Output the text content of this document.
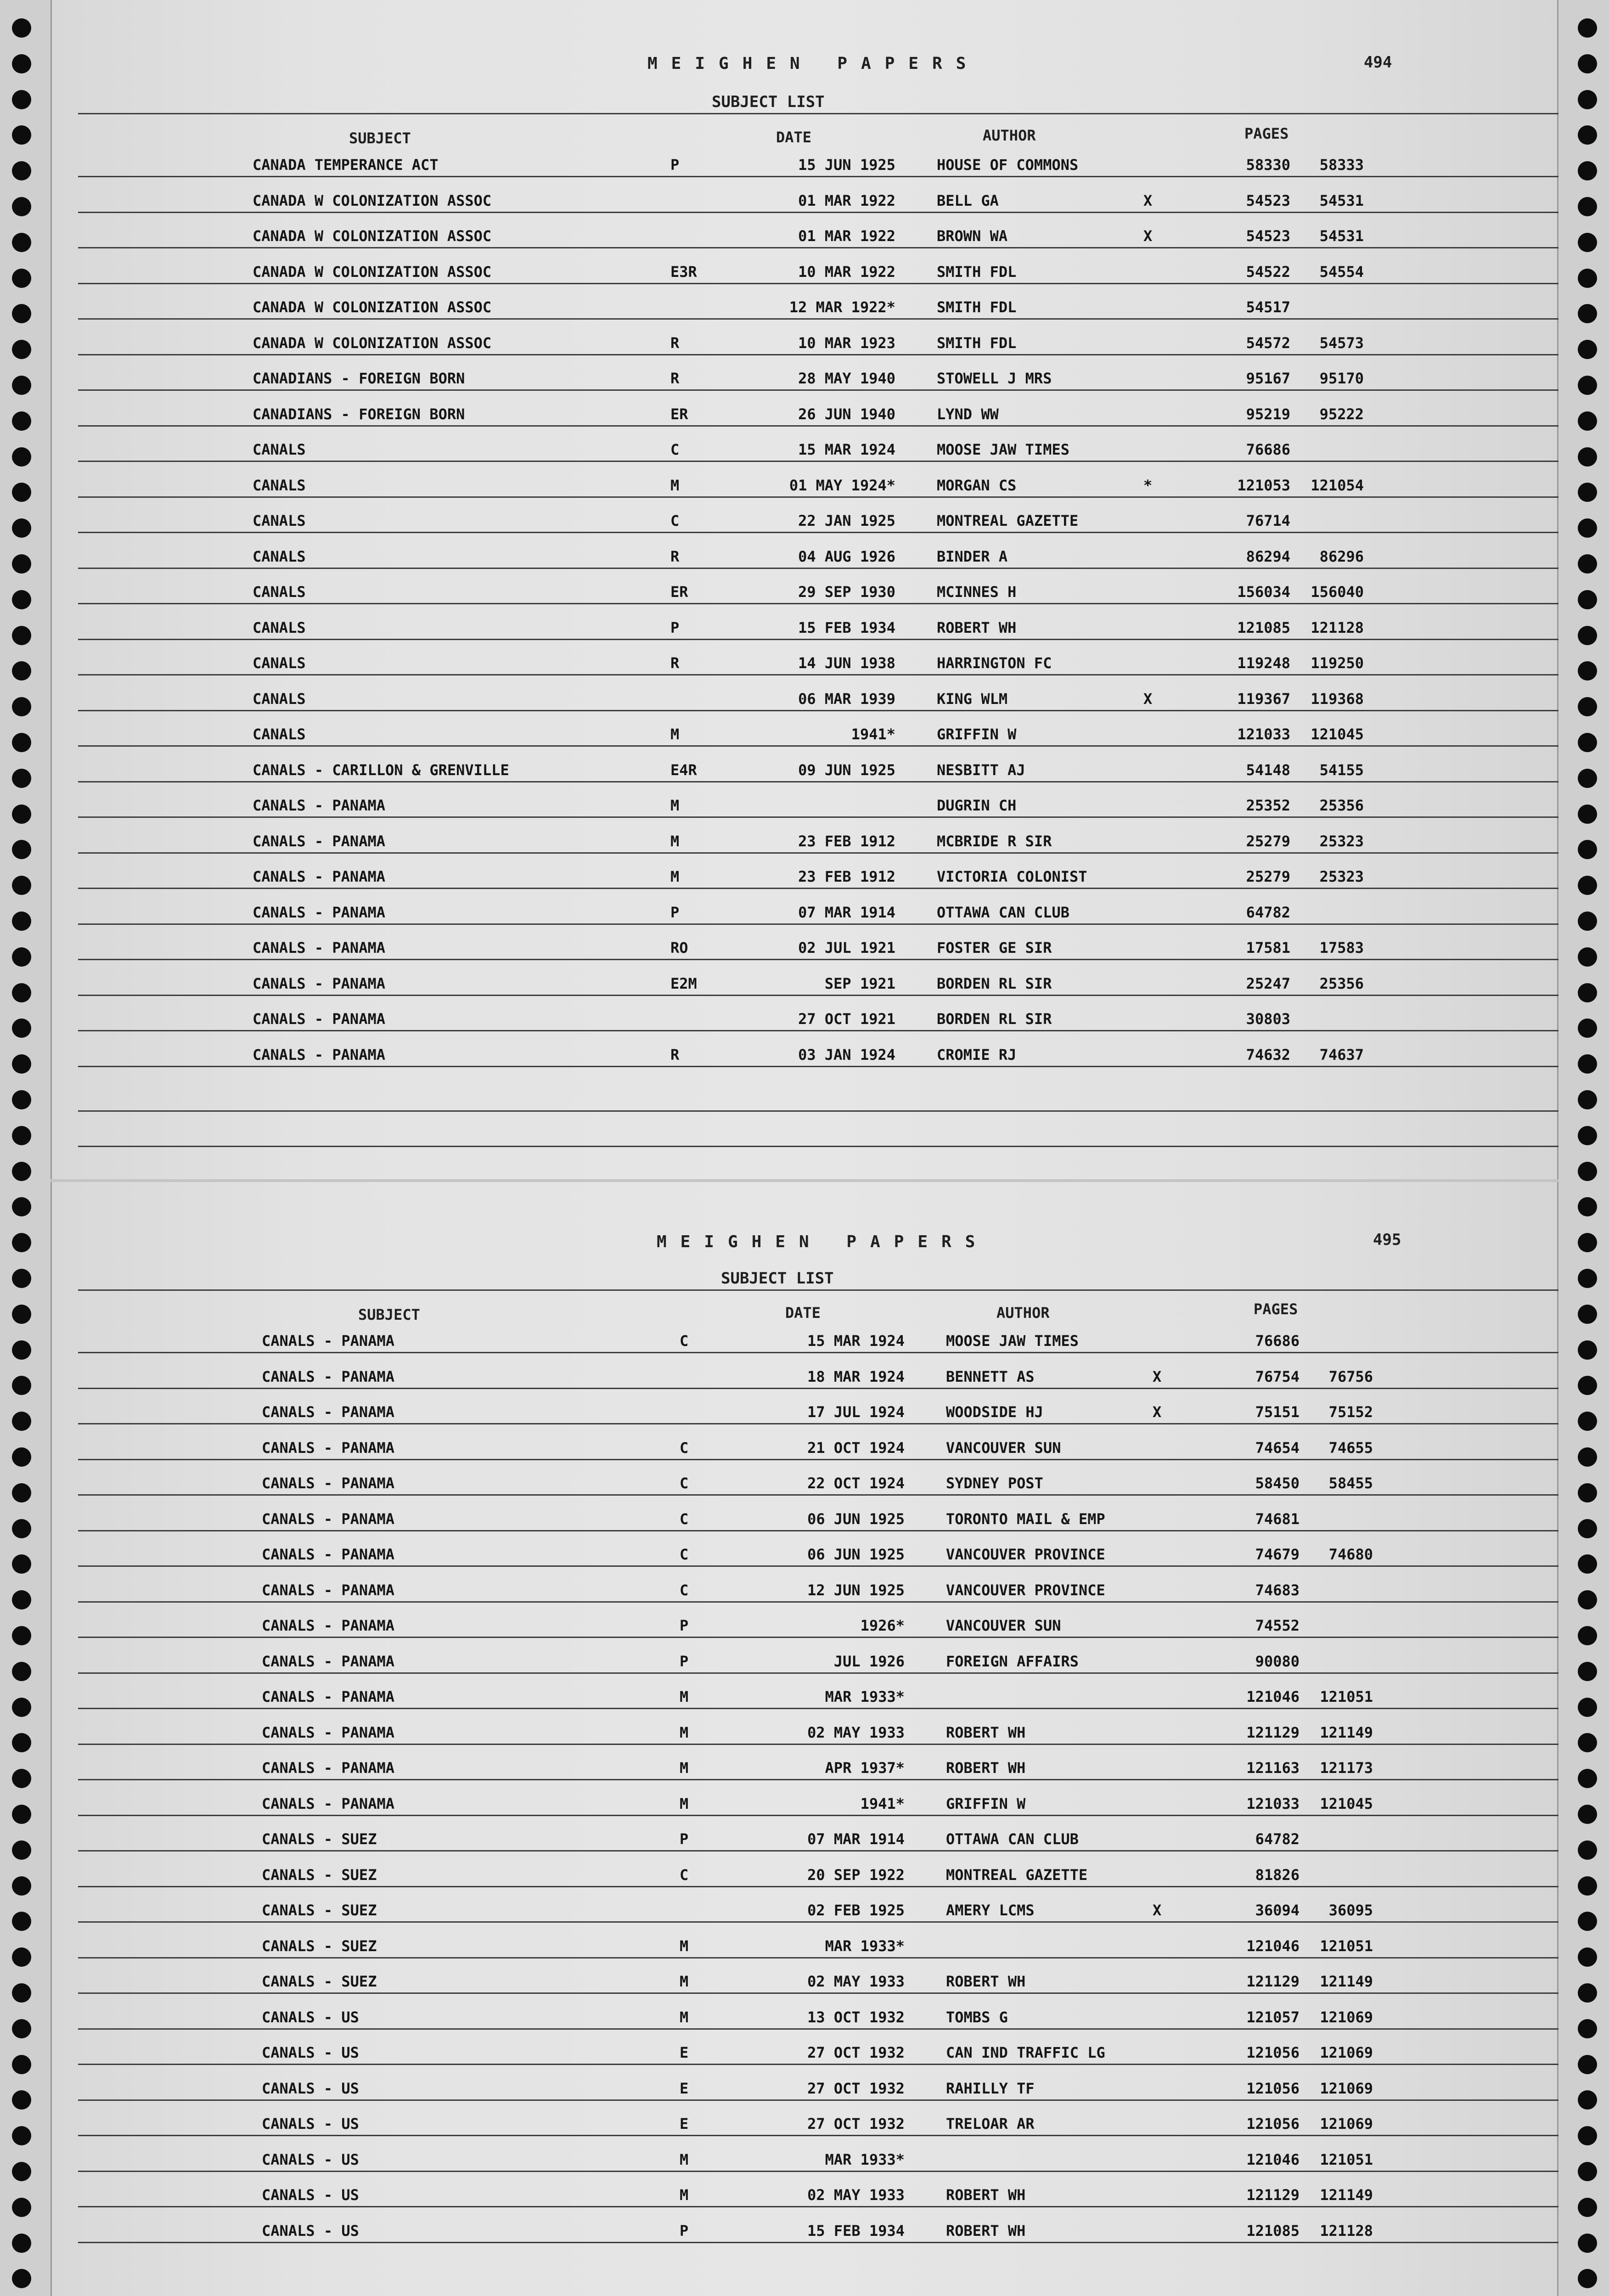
MEIGHEN PAPERS	494
SUBJECT LIST
SUBJECT	DATE	AUTHOR	PAGES
CANADA TEMPERANCE ACT	P	15 JUN 1925	HOUSE OF COMMONS	58330 58333
CANADA W COLONIZATION ASSOC	01 MAR 1922	BELL GA	X	54523 54531
CANADA W COLONIZATION ASSOC	01 MAR 1922	BROWN WA	X	54523 54531
CANADA W COLONIZATION ASSOC	E3R	10 MAR 1922	SMITH FDL	54522 54554
CANADA W COLONIZATION ASSOC	12 MAR 1922*	SMITH FDL	54517
CANADA W COLONIZATION ASSOC	R	10 MAR 1923	SMITH FDL	54572 54573
CANADIANS - FOREIGN BORN	R	28 MAY 1940	STOWELL J MRS	95167 95170
CANADIANS - FOREIGN BORN	ER	26 JUN 1940	LYND WW	95219 95222
CANALS	C	15 MAR 1924	MOOSE JAW TIMES	76686
CANALS	M	01 MAY 1924*	MORGAN CS	*	121053 121054
CANALS	C	22 JAN 1925	MONTREAL GAZETTE	76714
CANALS	R	04 AUG 1926	BINDER A	86294 86296
CANALS	ER	29 SEP 1930	MCINNES H	156034 156040
CANALS	P	15 FEB 1934	ROBERT WH	121085 121128
CANALS	R	14 JUN 1938	HARRINGTON FC	119248 119250
CANALS	06 MAR 1939	KING WLM	X	119367 119368
CANALS	M	1941*	GRIFFIN W	121033 121045
CANALS - CARILLON & GRENVILLE	E4R	09 JUN 1925	NESBITT AJ	54148 54155
CANALS - PANAMA	M	DUGRIN CH	25352 25356
CANALS - PANAMA	M	23 FEB 1912	MCBRIDE R SIR	25279 25323
CANALS - PANAMA	M	23 FEB 1912	VICTORIA COLONIST	25279 25323
CANALS - PANAMA	P	07 MAR 1914	OTTAWA CAN CLUB	64782
CANALS - PANAMA	RO	02 JUL 1921	FOSTER GE SIR	17581 17583
CANALS - PANAMA	E2M	SEP 1921	BORDEN RL SIR	25247 25356
CANALS - PANAMA	27 OCT 1921	BORDEN RL SIR	30803
CANALS - PANAMA	R	03 JAN 1924	CROMIE RJ	74632 74637
MEIGHEN PAPERS	495
SUBJECT LIST
SUBJECT	DATE	AUTHOR	PAGES
CANALS - PANAMA	C	15 MAR 1924	MOOSE JAW TIMES	76686
CANALS - PANAMA	18 MAR 1924	BENNETT AS	X	76754 76756
CANALS - PANAMA	17 JUL 1924	WOODSIDE HJ	X	75151 75152
CANALS - PANAMA	C	21 OCT 1924	VANCOUVER SUN	74654 74655
CANALS - PANAMA	C	22 OCT 1924	SYDNEY POST	58450 58455
CANALS - PANAMA	C	06 JUN 1925	TORONTO MAIL & EMP	74681
CANALS - PANAMA	C	06 JUN 1925	VANCOUVER PROVINCE	74679 74680
CANALS - PANAMA	C	12 JUN 1925	VANCOUVER PROVINCE	74683
CANALS - PANAMA	P	1926*	VANCOUVER SUN	74552
CANALS - PANAMA	P	JUL 1926	FOREIGN AFFAIRS	90080
CANALS - PANAMA	M	MAR 1933*	121046 121051
CANALS - PANAMA	M	02 MAY 1933	ROBERT WH	121129 121149
CANALS - PANAMA	M	APR 1937*	ROBERT WH	121163 121173
CANALS - PANAMA	M	1941*	GRIFFIN W	121033 121045
CANALS - SUEZ	P	07 MAR 1914	OTTAWA CAN CLUB	64782
CANALS - SUEZ	C	20 SEP 1922	MONTREAL GAZETTE	81826
CANALS - SUEZ	02 FEB 1925	AMERY LCMS	X	36094 36095
CANALS - SUEZ	M	MAR 1933*	121046 121051
CANALS - SUEZ	M	02 MAY 1933	ROBERT WH	121129 121149
CANALS - US	M	13 OCT 1932	TOMBS G	121057 121069
CANALS - US	E	27 OCT 1932	CAN IND TRAFFIC LG	121056 121069
CANALS - US	E	27 OCT 1932	RAHILLY TF	121056 121069
CANALS - US	E	27 OCT 1932	TRELOAR AR	121056 121069
CANALS - US	M	MAR 1933*	121046 121051
CANALS - US	M	02 MAY 1933	ROBERT WH	121129 121149
CANALS - US	P	15 FEB 1934	ROBERT WH	121085 121128
